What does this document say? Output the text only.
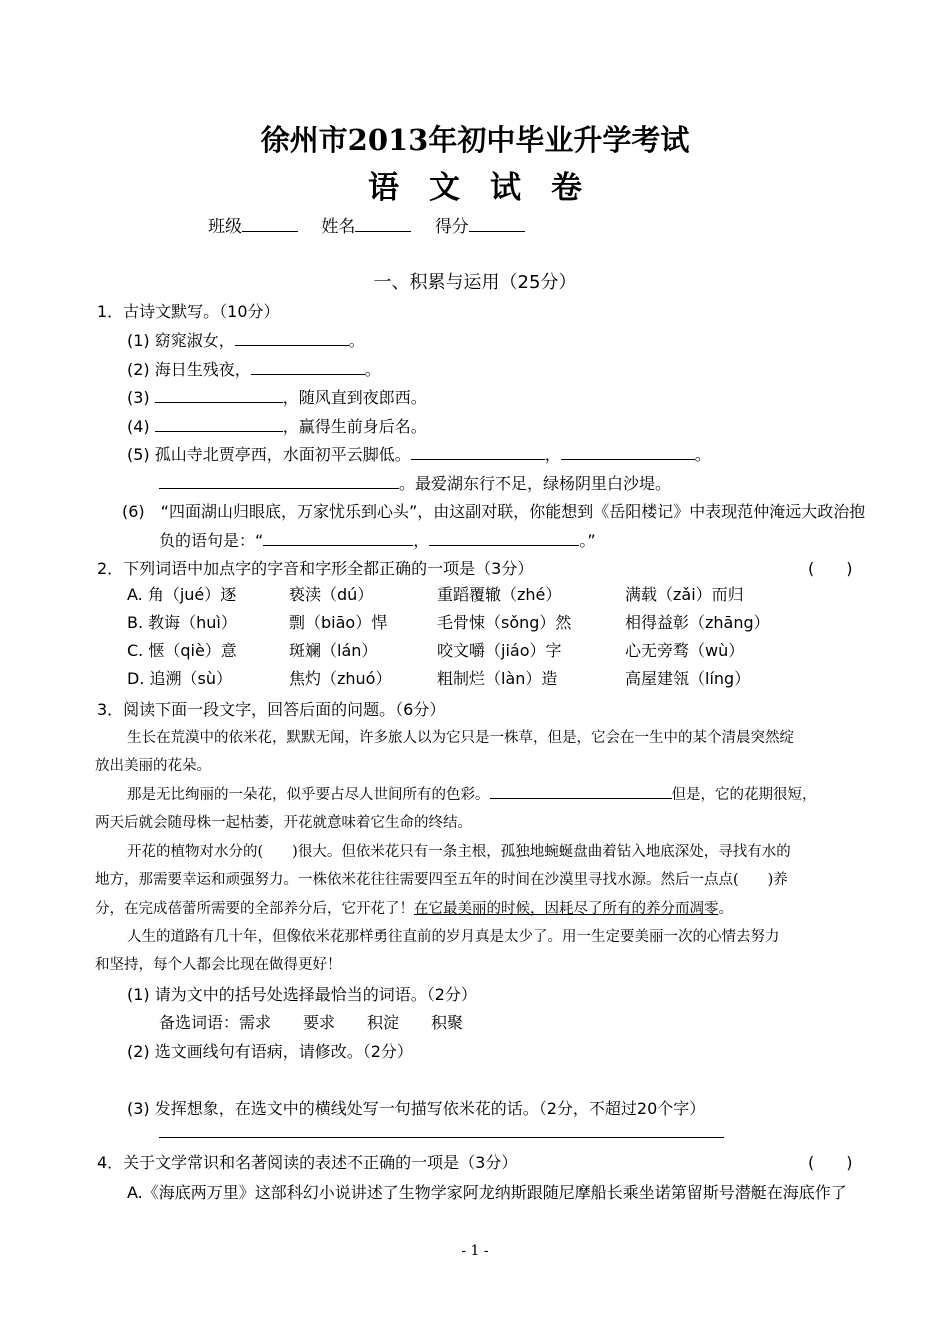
徐州市2013年初中毕业升学考试
语文试卷
班级	姓名	得分
一、积累与运用（25分）
1．古诗文默写。（10分）
(1) 窈窕淑女，	。
(2) 海日生残夜，	。
(3)	，随风直到夜郎西。
(4)	，赢得生前身后名。
(5) 孤山寺北贾亭西，水面初平云脚低。	，	。
。最爱湖东行不足，绿杨阴里白沙堤。
(6)　“四面湖山归眼底，万家忧乐到心头”，由这副对联，你能想到《岳阳楼记》中表现范仲淹远大政治抱
负的语句是：“	，	。”
2．下列词语中加点字的字音和字形全都正确的一项是（3分）	(　　)
A. 角（jué）逐	亵渎（dú）	重蹈覆辙（zhé）	满载（zǎi）而归
B. 教诲（huì）	剽（biāo）悍	毛骨悚（sǒng）然	相得益彰（zhāng）
C. 惬（qiè）意	斑斓（lán）	咬文嚼（jiáo）字	心无旁骛（wù）
D. 追溯（sù）	焦灼（zhuó）	粗制烂（làn）造	高屋建瓴（líng）
3．阅读下面一段文字，回答后面的问题。（6分）
生长在荒漠中的依米花，默默无闻，许多旅人以为它只是一株草，但是，它会在一生中的某个清晨突然绽
放出美丽的花朵。
那是无比绚丽的一朵花，似乎要占尽人世间所有的色彩。	但是，它的花期很短，
两天后就会随母株一起枯萎，开花就意味着它生命的终结。
开花的植物对水分的(　　)很大。但依米花只有一条主根，孤独地蜿蜒盘曲着钻入地底深处，寻找有水的
地方，那需要幸运和顽强努力。一株依米花往往需要四至五年的时间在沙漠里寻找水源。然后一点点(　　)养
分，在完成蓓蕾所需要的全部养分后，它开花了！在它最美丽的时候，因耗尽了所有的养分而凋零。
人生的道路有几十年，但像依米花那样勇往直前的岁月真是太少了。用一生定要美丽一次的心情去努力
和坚持，每个人都会比现在做得更好！
(1) 请为文中的括号处选择最恰当的词语。（2分）
备选词语：需求　　要求　　积淀　　积聚
(2) 选文画线句有语病，请修改。（2分）
(3) 发挥想象，在选文中的横线处写一句描写依米花的话。（2分，不超过20个字）
4．关于文学常识和名著阅读的表述不正确的一项是（3分）	(　　)
A.《海底两万里》这部科幻小说讲述了生物学家阿龙纳斯跟随尼摩船长乘坐诺第留斯号潜艇在海底作了
- 1 -
